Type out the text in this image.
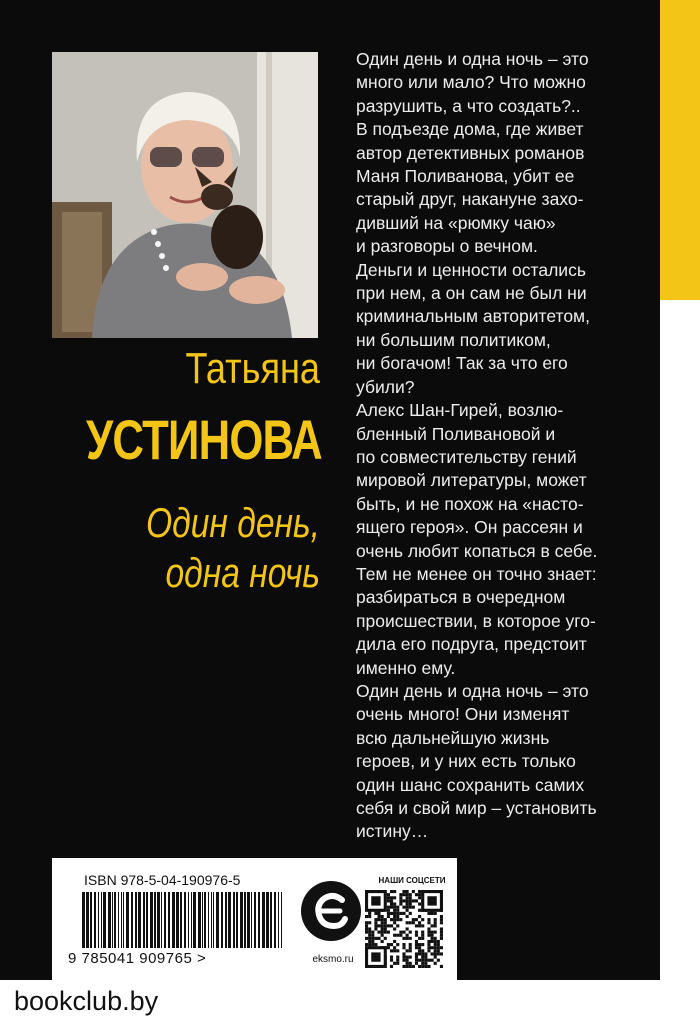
Татьяна
УСТИНОВА
Один день,
одна ночь
Один день и одна ночь – это
много или мало? Что можно
разрушить, а что создать?..
В подъезде дома, где живет
автор детективных романов
Маня Поливанова, убит ее
старый друг, накануне захо-
дивший на «рюмку чаю»
и разговоры о вечном.
Деньги и ценности остались
при нем, а он сам не был ни
криминальным авторитетом,
ни большим политиком,
ни богачом! Так за что его
убили?
Алекс Шан-Гирей, возлю-
бленный Поливановой и
по совместительству гений
мировой литературы, может
быть, и не похож на «насто-
ящего героя». Он рассеян и
очень любит копаться в себе.
Тем не менее он точно знает:
разбираться в очередном
происшествии, в которое уго-
дила его подруга, предстоит
именно ему.
Один день и одна ночь – это
очень много! Они изменят
всю дальнейшую жизнь
героев, и у них есть только
один шанс сохранить самих
себя и свой мир – установить
истину…
ISBN 978-5-04-190976-5
9 785041 909765 >	eksmo.ru
НАШИ СОЦСЕТИ
bookclub.by
